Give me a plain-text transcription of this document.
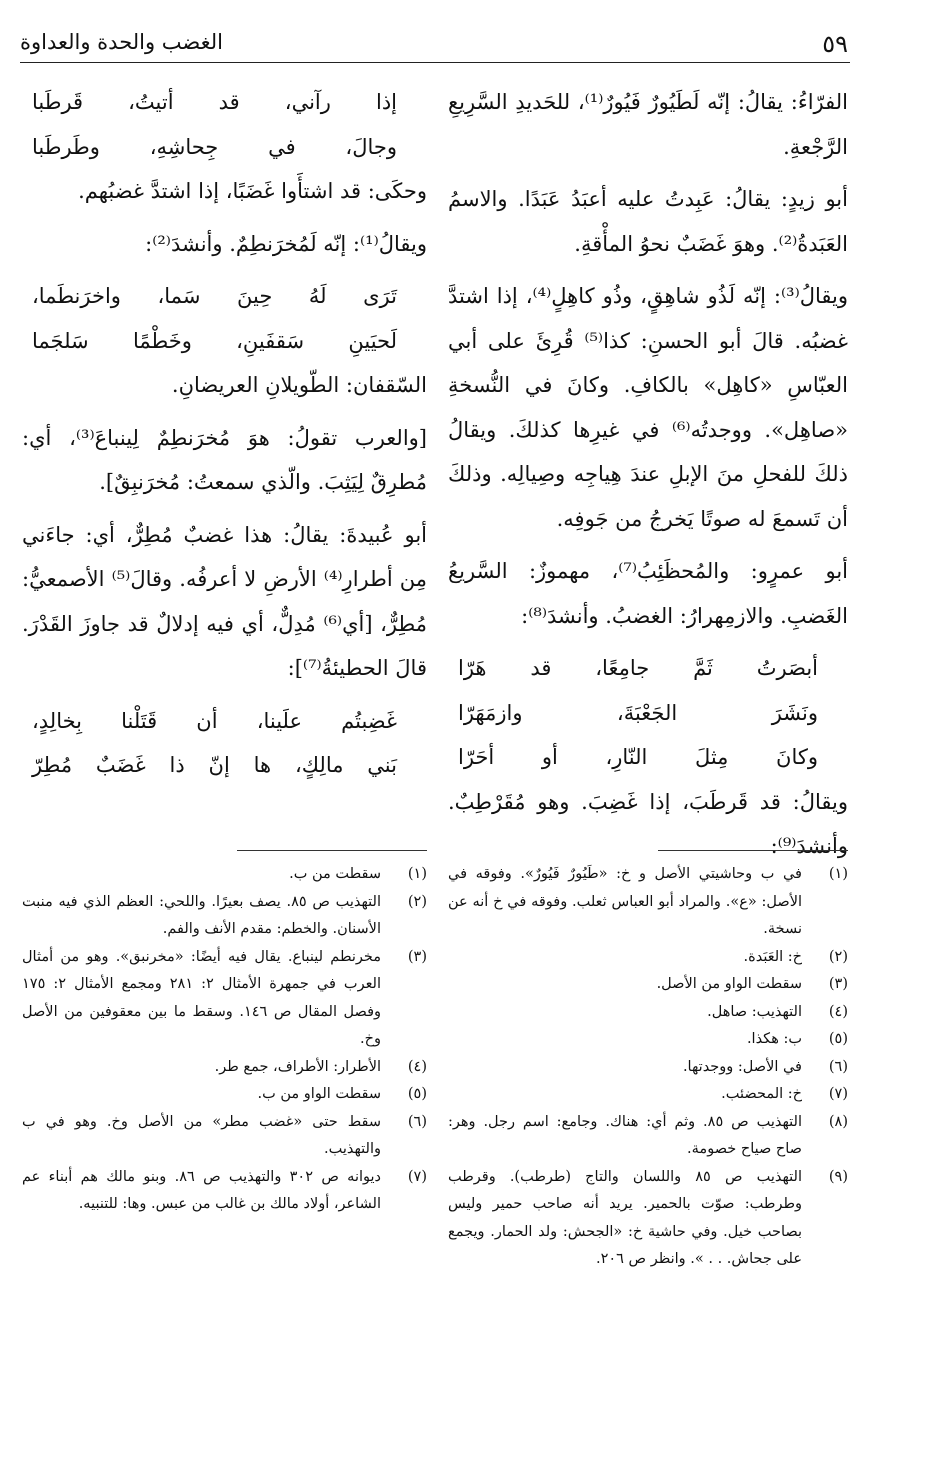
٥٩
الغضب والحدة والعداوة

الفرّاءُ: يقالُ: إنّه لَطَيُورٌ فَيُورٌ⁽¹⁾، للحَديدِ السَّرِيعِ الرَّجْعةِ.

أبو زيدٍ: يقالُ: عَبِدتُ عليه أعبَدُ عَبَدًا. والاسمُ العَبَدةُ⁽²⁾. وهوَ غَضَبٌ نحوُ المأْقةِ.

ويقالُ⁽³⁾: إنّه لَذُو شاهِقٍ، وذُو كاهِلٍ⁽⁴⁾، إذا اشتدَّ غضبُه. قالَ أبو الحسنِ: كذا⁽⁵⁾ قُرِئَ على أبي العبّاسِ «كاهِل» بالكافِ. وكانَ في النُّسخةِ «صاهِل». ووجدتُه⁽⁶⁾ في غيرِها كذلكَ. ويقالُ ذلكَ للفحلِ منَ الإبلِ عندَ هِياجِه وصِيالِه. وذلكَ أن تَسمعَ له صوتًا يَخرجُ من جَوفِه.

أبو عمرٍو: والمُحظَئِبُ⁽⁷⁾، مهموزٌ: السَّريعُ الغَضبِ. والازمِهرارُ: الغضبُ. وأنشدَ⁽⁸⁾:

أبصَرتُ ثَمَّ جامِعًا، قد هَرّا
ونَشَرَ الجَعْبَةَ، وازمَهَرّا
وكانَ مِثلَ النّارِ، أو أحَرّا

ويقالُ: قد قَرطَبَ، إذا غَضِبَ. وهو مُقَرْطِبٌ. وأنشدَ⁽⁹⁾:

إذا رآني، قد أتيتُ، قَرطَبا
وجالَ، في جِحاشِهِ، وطَرطَبا

وحكَى: قد اشتأَوا غَضَبًا، إذا اشتدَّ غضبُهم.

ويقالُ⁽¹⁾: إنّه لَمُخرَنطِمٌ. وأنشدَ⁽²⁾:

تَرَى لَهُ حِينَ سَما، واخرَنطَما،
لَحيَينِ سَقفَينِ، وخَطْمًا سَلجَما

السّقفان: الطّويلانِ العريضانِ.

[والعرب تقولُ: هوَ مُخرَنطِمٌ لِينباعَ⁽³⁾، أي: مُطرِقٌ لِيَثِبَ. والّذي سمعتُ: مُخرَنبِقٌ].

أبو عُبيدةَ: يقالُ: هذا غضبٌ مُطِرٌّ، أي: جاءَني مِن أطرارِ⁽⁴⁾ الأرضِ لا أعرفُه. وقالَ⁽⁵⁾ الأصمعيُّ: مُطِرٌّ، [أي⁽⁶⁾ مُدِلٌّ، أي فيه إدلالٌ قد جاوزَ القَدْرَ. قالَ الحطيئةُ⁽⁷⁾]:

غَضِبتُم علَينا، أن قَتَلْنا بِخالِدٍ،
بَني مالِكٍ، ها إنّ ذا غَضَبٌ مُطِرّ
(١)
في ب وحاشيتي الأصل و خ: «طَيُورٌ فَيُورٌ». وفوقه في الأصل: «ع». والمراد أبو العباس ثعلب. وفوقه في خ أنه عن نسخة.
(٢)
خ: العَبَدة.
(٣)
سقطت الواو من الأصل.
(٤)
التهذيب: صاهل.
(٥)
ب: هكذا.
(٦)
في الأصل: ووجدتها.
(٧)
خ: المحضئب.
(٨)
التهذيب ص ٨٥. وثم أي: هناك. وجامع: اسم رجل. وهر: صاح صياح خصومة.
(٩)
التهذيب ص ٨٥ واللسان والتاج (طرطب). وقرطب وطرطب: صوّت بالحمير. يريد أنه صاحب حمير وليس بصاحب خيل. وفي حاشية خ: «الجحش: ولد الحمار. ويجمع على جحاش. . . ». وانظر ص ٢٠٦.
(١)
سقطت من ب.
(٢)
التهذيب ص ٨٥. يصف بعيرًا. واللحي: العظم الذي فيه منبت الأسنان. والخطم: مقدم الأنف والفم.
(٣)
مخرنطم لينباع. يقال فيه أيضًا: «مخرنبق». وهو من أمثال العرب في جمهرة الأمثال ٢: ٢٨١ ومجمع الأمثال ٢: ١٧٥ وفصل المقال ص ١٤٦. وسقط ما بين معقوفين من الأصل وخ.
(٤)
الأطرار: الأطراف، جمع طر.
(٥)
سقطت الواو من ب.
(٦)
سقط حتى «غضب مطر» من الأصل وخ. وهو في ب والتهذيب.
(٧)
ديوانه ص ٣٠٢ والتهذيب ص ٨٦. وبنو مالك هم أبناء عم الشاعر، أولاد مالك بن غالب من عبس. وها: للتنبيه.
